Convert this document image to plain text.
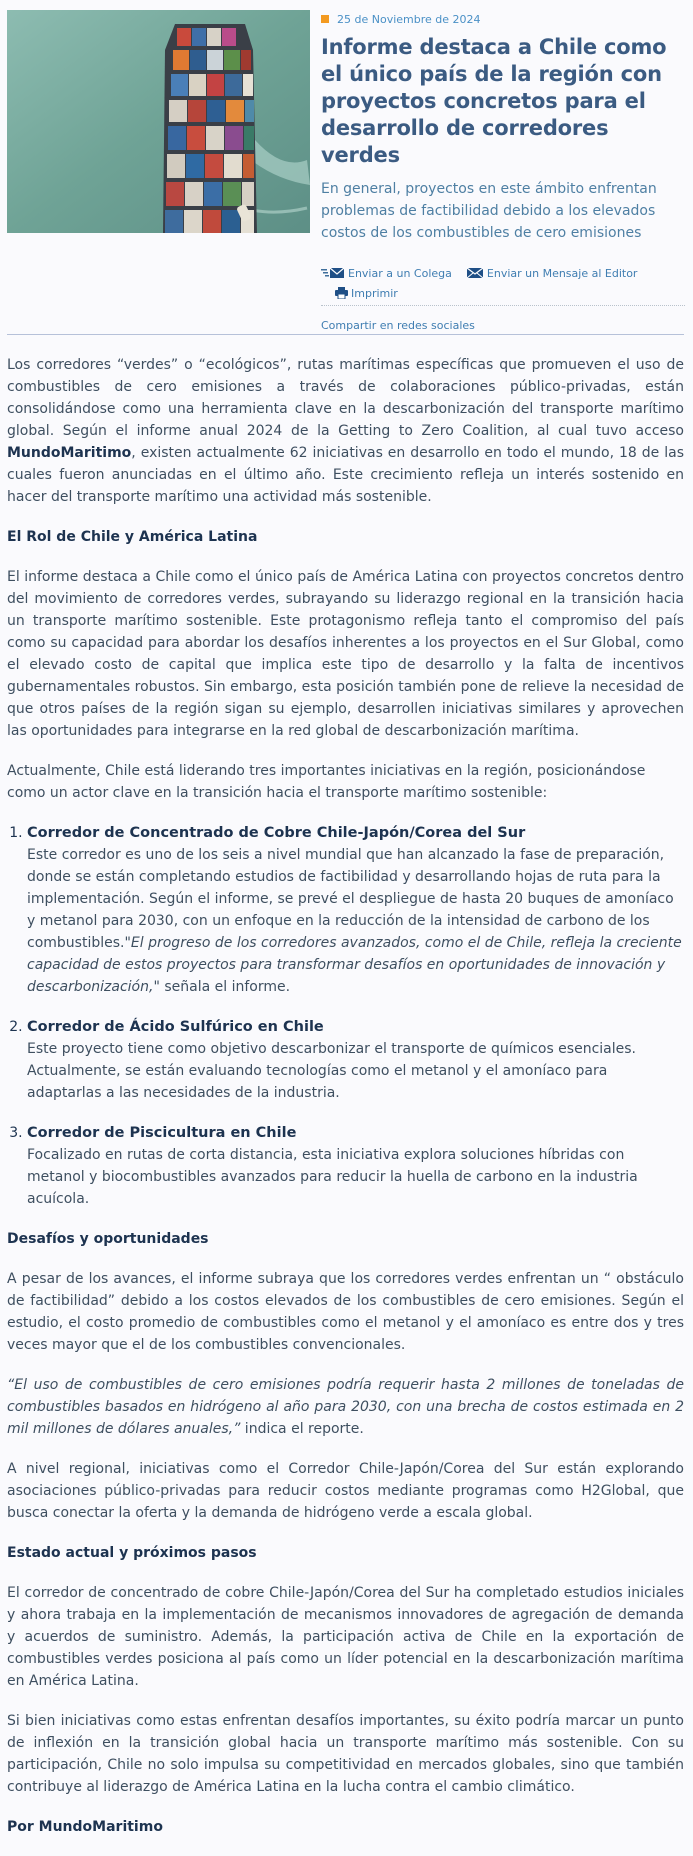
25 de Noviembre de 2024
Informe destaca a Chile como el único país de la región con proyectos concretos para el desarrollo de corredores verdes

En general, proyectos en este ámbito enfrentan problemas de factibilidad debido a los elevados costos de los combustibles de cero emisiones

Enviar a un Colega	Enviar un Mensaje al Editor
Imprimir
Compartir en redes sociales

Los corredores “verdes” o “ecológicos”, rutas marítimas específicas que promueven el uso de combustibles de cero emisiones a través de colaboraciones público-privadas, están consolidándose como una herramienta clave en la descarbonización del transporte marítimo global. Según el informe anual 2024 de la Getting to Zero Coalition, al cual tuvo acceso MundoMaritimo, existen actualmente 62 iniciativas en desarrollo en todo el mundo, 18 de las cuales fueron anunciadas en el último año. Este crecimiento refleja un interés sostenido en hacer del transporte marítimo una actividad más sostenible.

El Rol de Chile y América Latina

El informe destaca a Chile como el único país de América Latina con proyectos concretos dentro del movimiento de corredores verdes, subrayando su liderazgo regional en la transición hacia un transporte marítimo sostenible. Este protagonismo refleja tanto el compromiso del país como su capacidad para abordar los desafíos inherentes a los proyectos en el Sur Global, como el elevado costo de capital que implica este tipo de desarrollo y la falta de incentivos gubernamentales robustos. Sin embargo, esta posición también pone de relieve la necesidad de que otros países de la región sigan su ejemplo, desarrollen iniciativas similares y aprovechen las oportunidades para integrarse en la red global de descarbonización marítima.

Actualmente, Chile está liderando tres importantes iniciativas en la región, posicionándose como un actor clave en la transición hacia el transporte marítimo sostenible:

1. Corredor de Concentrado de Cobre Chile-Japón/Corea del Sur
Este corredor es uno de los seis a nivel mundial que han alcanzado la fase de preparación, donde se están completando estudios de factibilidad y desarrollando hojas de ruta para la implementación. Según el informe, se prevé el despliegue de hasta 20 buques de amoníaco y metanol para 2030, con un enfoque en la reducción de la intensidad de carbono de los combustibles."El progreso de los corredores avanzados, como el de Chile, refleja la creciente capacidad de estos proyectos para transformar desafíos en oportunidades de innovación y descarbonización," señala el informe.
2. Corredor de Ácido Sulfúrico en Chile
Este proyecto tiene como objetivo descarbonizar el transporte de químicos esenciales. Actualmente, se están evaluando tecnologías como el metanol y el amoníaco para adaptarlas a las necesidades de la industria.
3. Corredor de Piscicultura en Chile
Focalizado en rutas de corta distancia, esta iniciativa explora soluciones híbridas con metanol y biocombustibles avanzados para reducir la huella de carbono en la industria acuícola.
Desafíos y oportunidades

A pesar de los avances, el informe subraya que los corredores verdes enfrentan un “ obstáculo de factibilidad” debido a los costos elevados de los combustibles de cero emisiones. Según el estudio, el costo promedio de combustibles como el metanol y el amoníaco es entre dos y tres veces mayor que el de los combustibles convencionales.

“El uso de combustibles de cero emisiones podría requerir hasta 2 millones de toneladas de combustibles basados en hidrógeno al año para 2030, con una brecha de costos estimada en 2 mil millones de dólares anuales,” indica el reporte.

A nivel regional, iniciativas como el Corredor Chile-Japón/Corea del Sur están explorando asociaciones público-privadas para reducir costos mediante programas como H2Global, que busca conectar la oferta y la demanda de hidrógeno verde a escala global.

Estado actual y próximos pasos

El corredor de concentrado de cobre Chile-Japón/Corea del Sur ha completado estudios iniciales y ahora trabaja en la implementación de mecanismos innovadores de agregación de demanda y acuerdos de suministro. Además, la participación activa de Chile en la exportación de combustibles verdes posiciona al país como un líder potencial en la descarbonización marítima en América Latina.

Si bien iniciativas como estas enfrentan desafíos importantes, su éxito podría marcar un punto de inflexión en la transición global hacia un transporte marítimo más sostenible. Con su participación, Chile no solo impulsa su competitividad en mercados globales, sino que también contribuye al liderazgo de América Latina en la lucha contra el cambio climático.

Por MundoMaritimo
